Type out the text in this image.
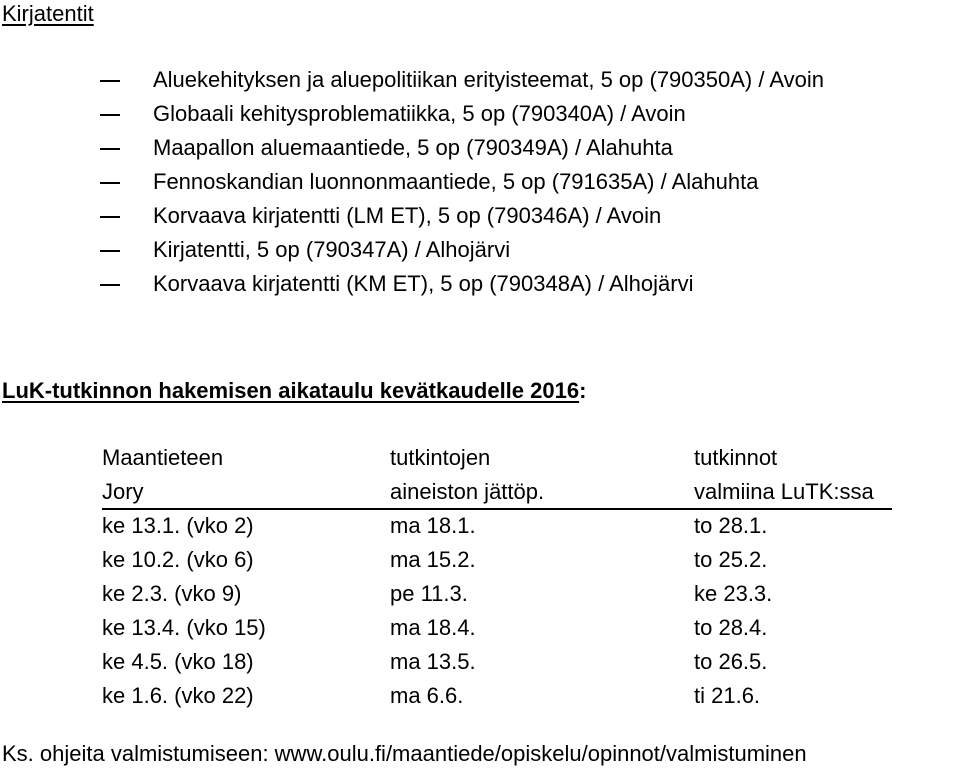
Kirjatentit
Aluekehityksen ja aluepolitiikan erityisteemat, 5 op (790350A) / Avoin
Globaali kehitysproblematiikka, 5 op (790340A) / Avoin
Maapallon aluemaantiede, 5 op (790349A) / Alahuhta
Fennoskandian luonnonmaantiede, 5 op (791635A) / Alahuhta
Korvaava kirjatentti (LM ET), 5 op (790346A) / Avoin
Kirjatentti, 5 op (790347A) / Alhojärvi
Korvaava kirjatentti (KM ET), 5 op (790348A) / Alhojärvi
LuK-tutkinnon hakemisen aikataulu kevätkaudelle 2016:
Maantieteen	tutkintojen	tutkinnot
Jory	aineiston jättöp.	valmiina LuTK:ssa
ke 13.1. (vko 2)	ma 18.1.	to 28.1.
ke 10.2. (vko 6)	ma 15.2.	to 25.2.
ke 2.3. (vko 9)	pe 11.3.	ke 23.3.
ke 13.4. (vko 15)	ma 18.4.	to 28.4.
ke 4.5. (vko 18)	ma 13.5.	to 26.5.
ke 1.6. (vko 22)	ma 6.6.	ti 21.6.
Ks. ohjeita valmistumiseen: www.oulu.fi/maantiede/opiskelu/opinnot/valmistuminen
